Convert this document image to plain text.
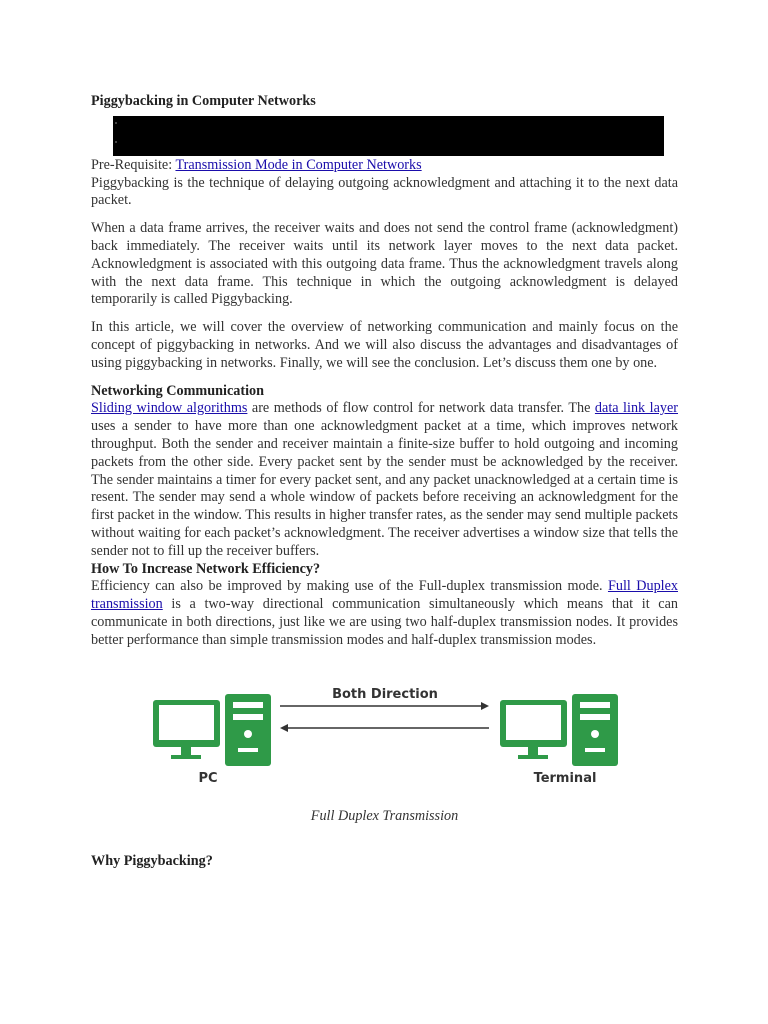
Piggybacking in Computer Networks

Pre-Requisite: Transmission Mode in Computer Networks

Piggybacking is the technique of delaying outgoing acknowledgment and attaching it to the next data packet.

When a data frame arrives, the receiver waits and does not send the control frame (acknowledgment) back immediately. The receiver waits until its network layer moves to the next data packet. Acknowledgment is associated with this outgoing data frame. Thus the acknowledgment travels along with the next data frame. This technique in which the outgoing acknowledgment is delayed temporarily is called Piggybacking.

In this article, we will cover the overview of networking communication and mainly focus on the concept of piggybacking in networks. And we will also discuss the advantages and disadvantages of using piggybacking in networks. Finally, we will see the conclusion. Let’s discuss them one by one.

Networking Communication

Sliding window algorithms are methods of flow control for network data transfer. The data link layer uses a sender to have more than one acknowledgment packet at a time, which improves network throughput. Both the sender and receiver maintain a finite-size buffer to hold outgoing and incoming packets from the other side. Every packet sent by the sender must be acknowledged by the receiver. The sender maintains a timer for every packet sent, and any packet unacknowledged at a certain time is resent. The sender may send a whole window of packets before receiving an acknowledgment for the first packet in the window. This results in higher transfer rates, as the sender may send multiple packets without waiting for each packet’s acknowledgment. The receiver advertises a window size that tells the sender not to fill up the receiver buffers.

How To Increase Network Efficiency?

Efficiency can also be improved by making use of the Full-duplex transmission mode. Full Duplex transmission is a two-way directional communication simultaneously which means that it can communicate in both directions, just like we are using two half-duplex transmission nodes. It provides better performance than simple transmission modes and half-duplex transmission modes.

Both Direction
PC	Terminal

Full Duplex Transmission

Why Piggybacking?
